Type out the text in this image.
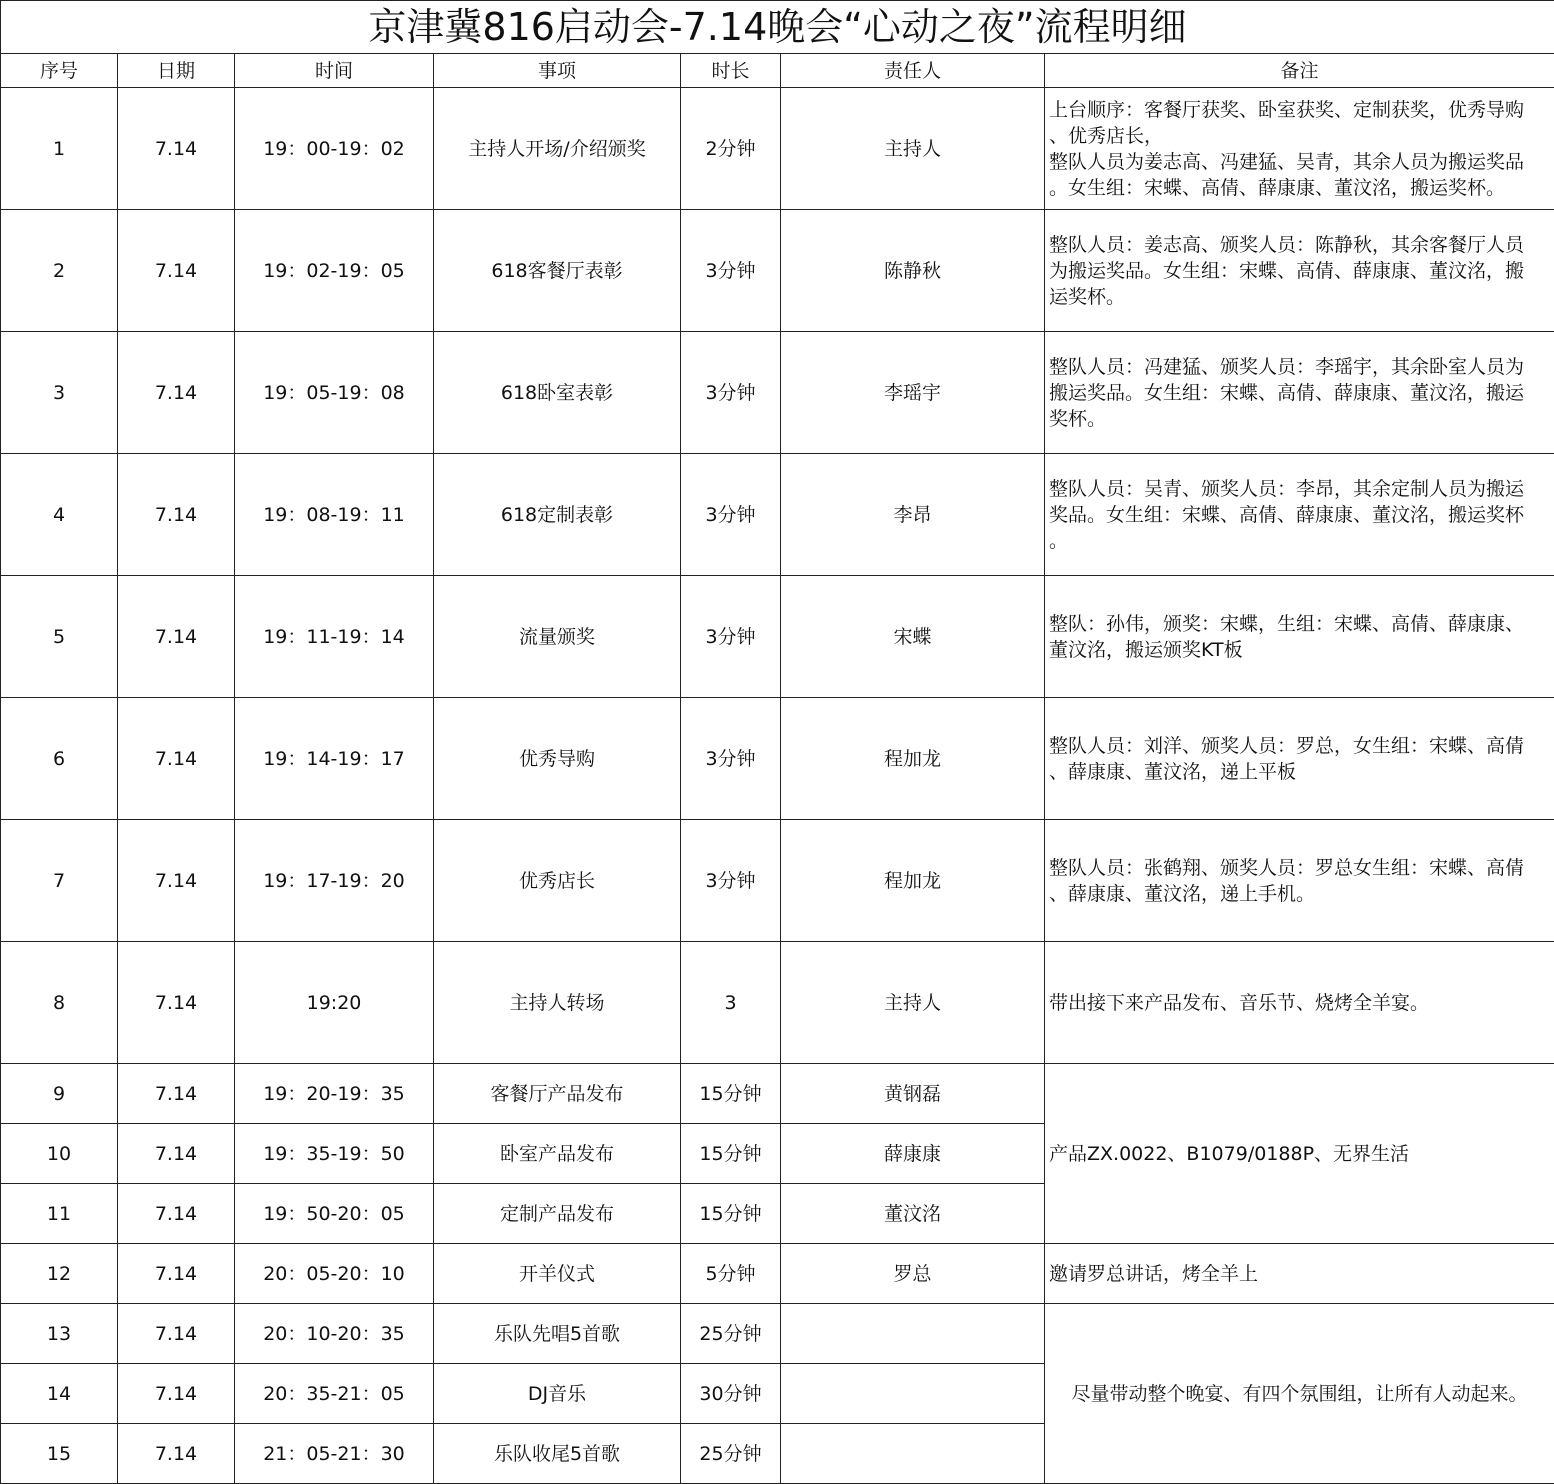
京津冀816启动会-7.14晚会“心动之夜”流程明细						
序号	日期	时间	事项	时长	责任人	备注
1	7.14	19：00-19：02	主持人开场/介绍颁奖	2分钟	主持人	上台顺序：客餐厅获奖、卧室获奖、定制获奖，优秀导购
、优秀店长，
整队人员为姜志高、冯建猛、吴青，其余人员为搬运奖品
。女生组：宋蝶、高倩、薛康康、董汶洺，搬运奖杯。
2	7.14	19：02-19：05	618客餐厅表彰	3分钟	陈静秋	整队人员：姜志高、颁奖人员：陈静秋，其余客餐厅人员
为搬运奖品。女生组：宋蝶、高倩、薛康康、董汶洺，搬
运奖杯。
3	7.14	19：05-19：08	618卧室表彰	3分钟	李瑶宇	整队人员：冯建猛、颁奖人员：李瑶宇，其余卧室人员为
搬运奖品。女生组：宋蝶、高倩、薛康康、董汶洺，搬运
奖杯。
4	7.14	19：08-19：11	618定制表彰	3分钟	李昂	整队人员：吴青、颁奖人员：李昂，其余定制人员为搬运
奖品。女生组：宋蝶、高倩、薛康康、董汶洺，搬运奖杯
。
5	7.14	19：11-19：14	流量颁奖	3分钟	宋蝶	整队：孙伟，颁奖：宋蝶，生组：宋蝶、高倩、薛康康、
董汶洺，搬运颁奖KT板
6	7.14	19：14-19：17	优秀导购	3分钟	程加龙	整队人员：刘洋、颁奖人员：罗总，女生组：宋蝶、高倩
、薛康康、董汶洺，递上平板
7	7.14	19：17-19：20	优秀店长	3分钟	程加龙	整队人员：张鹤翔、颁奖人员：罗总女生组：宋蝶、高倩
、薛康康、董汶洺，递上手机。
8	7.14	19:20	主持人转场	3	主持人	带出接下来产品发布、音乐节、烧烤全羊宴。
9	7.14	19：20-19：35	客餐厅产品发布	15分钟	黄钢磊	产品ZX.0022、B1079/0188P、无界生活
10	7.14	19：35-19：50	卧室产品发布	15分钟	薛康康	
11	7.14	19：50-20：05	定制产品发布	15分钟	董汶洺	
12	7.14	20：05-20：10	开羊仪式	5分钟	罗总	邀请罗总讲话，烤全羊上
13	7.14	20：10-20：35	乐队先唱5首歌	25分钟		尽量带动整个晚宴、有四个氛围组，让所有人动起来。
14	7.14	20：35-21：05	DJ音乐	30分钟		
15	7.14	21：05-21：30	乐队收尾5首歌	25分钟		
